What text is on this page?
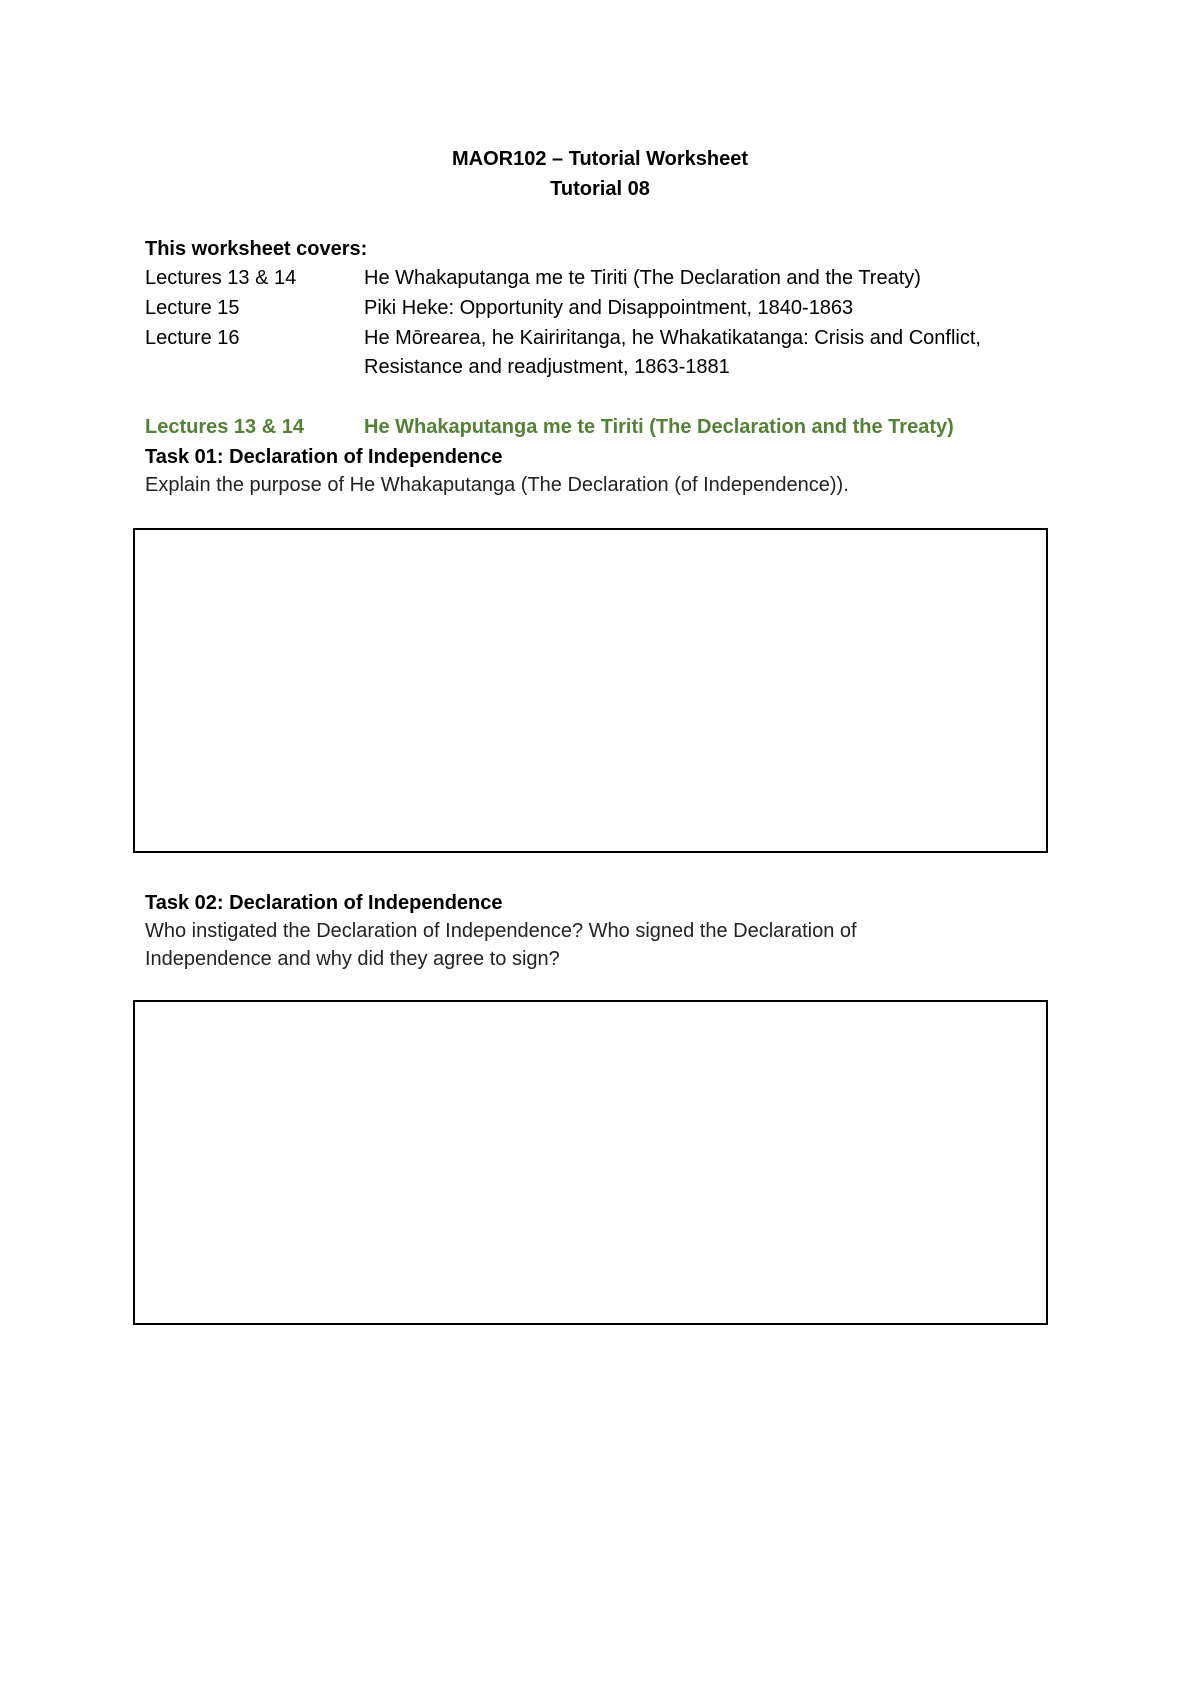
MAOR102 – Tutorial Worksheet
Tutorial 08
This worksheet covers:
Lectures 13 & 14	He Whakaputanga me te Tiriti (The Declaration and the Treaty)
Lecture 15	Piki Heke: Opportunity and Disappointment, 1840-1863
Lecture 16	He Mōrearea, he Kairiritanga, he Whakatikatanga: Crisis and Conflict,
Resistance and readjustment, 1863-1881
Lectures 13 & 14	He Whakaputanga me te Tiriti (The Declaration and the Treaty)
Task 01: Declaration of Independence
Explain the purpose of He Whakaputanga (The Declaration (of Independence)).
Task 02: Declaration of Independence
Who instigated the Declaration of Independence? Who signed the Declaration of
Independence and why did they agree to sign?
